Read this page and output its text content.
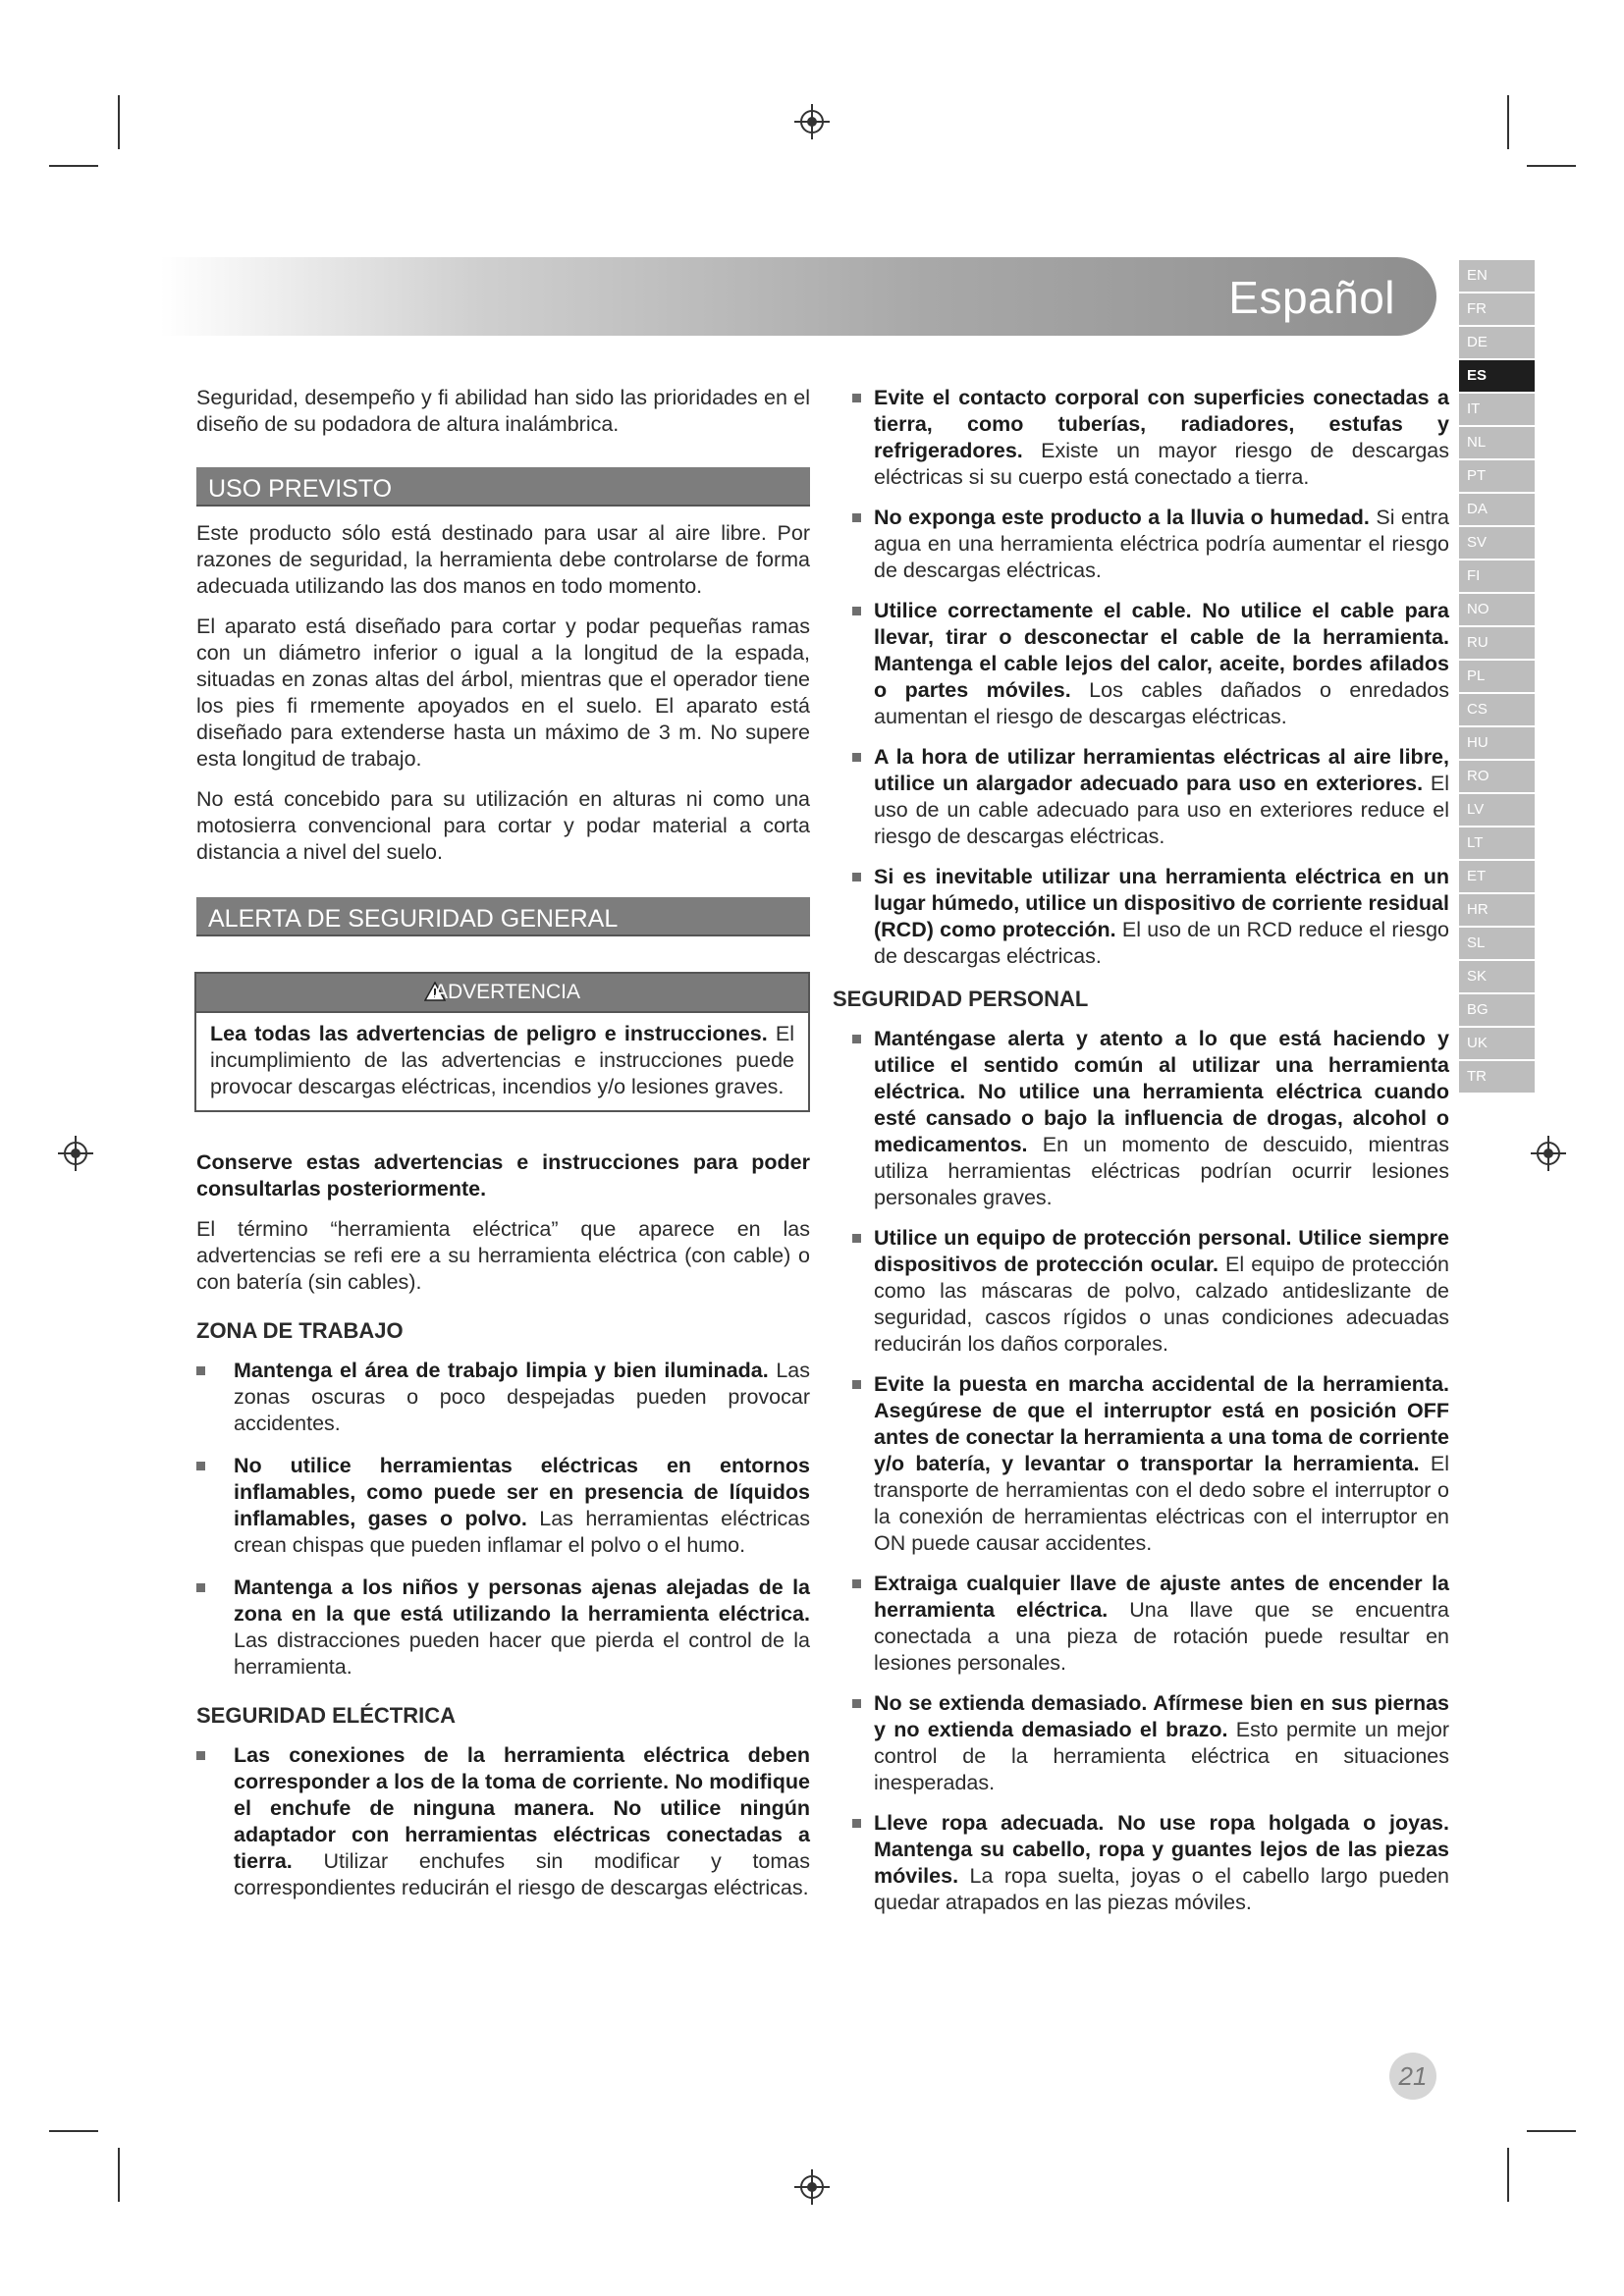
Español	EN
FR
DE
ES
IT
NL
PT
DA
SV
FI
NO
RU
PL
CS
HU
RO
LV
LT
ET
HR
SL
SK
BG
UK
TR

Seguridad, desempeño y fi abilidad han sido las prioridades en el diseño de su podadora de altura inalámbrica.

USO PREVISTO

Este producto sólo está destinado para usar al aire libre. Por razones de seguridad, la herramienta debe controlarse de forma adecuada utilizando las dos manos en todo momento.

El aparato está diseñado para cortar y podar pequeñas ramas con un diámetro inferior o igual a la longitud de la espada, situadas en zonas altas del árbol, mientras que el operador tiene los pies fi rmemente apoyados en el suelo. El aparato está diseñado para extenderse hasta un máximo de 3 m. No supere esta longitud de trabajo.

No está concebido para su utilización en alturas ni como una motosierra convencional para cortar y podar material a corta distancia a nivel del suelo.

ALERTA DE SEGURIDAD GENERAL
ADVERTENCIA
Lea todas las advertencias de peligro e instrucciones. El incumplimiento de las advertencias e instrucciones puede provocar descargas eléctricas, incendios y/o lesiones graves.

Conserve estas advertencias e instrucciones para poder consultarlas posteriormente.

El término “herramienta eléctrica” que aparece en las advertencias se refi ere a su herramienta eléctrica (con cable) o con batería (sin cables).

ZONA DE TRABAJO

Mantenga el área de trabajo limpia y bien iluminada. Las zonas oscuras o poco despejadas pueden provocar accidentes.
No utilice herramientas eléctricas en entornos inflamables, como puede ser en presencia de líquidos inflamables, gases o polvo. Las herramientas eléctricas crean chispas que pueden inflamar el polvo o el humo.
Mantenga a los niños y personas ajenas alejadas de la zona en la que está utilizando la herramienta eléctrica. Las distracciones pueden hacer que pierda el control de la herramienta.

SEGURIDAD ELÉCTRICA

Las conexiones de la herramienta eléctrica deben corresponder a los de la toma de corriente. No modifique el enchufe de ninguna manera. No utilice ningún adaptador con herramientas eléctricas conectadas a tierra. Utilizar enchufes sin modificar y tomas correspondientes reducirán el riesgo de descargas eléctricas.
Evite el contacto corporal con superficies conectadas a tierra, como tuberías, radiadores, estufas y refrigeradores. Existe un mayor riesgo de descargas eléctricas si su cuerpo está conectado a tierra.
No exponga este producto a la lluvia o humedad. Si entra agua en una herramienta eléctrica podría aumentar el riesgo de descargas eléctricas.
Utilice correctamente el cable. No utilice el cable para llevar, tirar o desconectar el cable de la herramienta. Mantenga el cable lejos del calor, aceite, bordes afilados o partes móviles. Los cables dañados o enredados aumentan el riesgo de descargas eléctricas.
A la hora de utilizar herramientas eléctricas al aire libre, utilice un alargador adecuado para uso en exteriores. El uso de un cable adecuado para uso en exteriores reduce el riesgo de descargas eléctricas.
Si es inevitable utilizar una herramienta eléctrica en un lugar húmedo, utilice un dispositivo de corriente residual (RCD) como protección. El uso de un RCD reduce el riesgo de descargas eléctricas.

SEGURIDAD PERSONAL

Manténgase alerta y atento a lo que está haciendo y utilice el sentido común al utilizar una herramienta eléctrica. No utilice una herramienta eléctrica cuando esté cansado o bajo la influencia de drogas, alcohol o medicamentos. En un momento de descuido, mientras utiliza herramientas eléctricas podrían ocurrir lesiones personales graves.
Utilice un equipo de protección personal. Utilice siempre dispositivos de protección ocular. El equipo de protección como las máscaras de polvo, calzado antideslizante de seguridad, cascos rígidos o unas condiciones adecuadas reducirán los daños corporales.
Evite la puesta en marcha accidental de la herramienta. Asegúrese de que el interruptor está en posición OFF antes de conectar la herramienta a una toma de corriente y/o batería, y levantar o transportar la herramienta. El transporte de herramientas con el dedo sobre el interruptor o la conexión de herramientas eléctricas con el interruptor en ON puede causar accidentes.
Extraiga cualquier llave de ajuste antes de encender la herramienta eléctrica. Una llave que se encuentra conectada a una pieza de rotación puede resultar en lesiones personales.
No se extienda demasiado. Afírmese bien en sus piernas y no extienda demasiado el brazo. Esto permite un mejor control de la herramienta eléctrica en situaciones inesperadas.
Lleve ropa adecuada. No use ropa holgada o joyas. Mantenga su cabello, ropa y guantes lejos de las piezas móviles. La ropa suelta, joyas o el cabello largo pueden quedar atrapados en las piezas móviles.
21
